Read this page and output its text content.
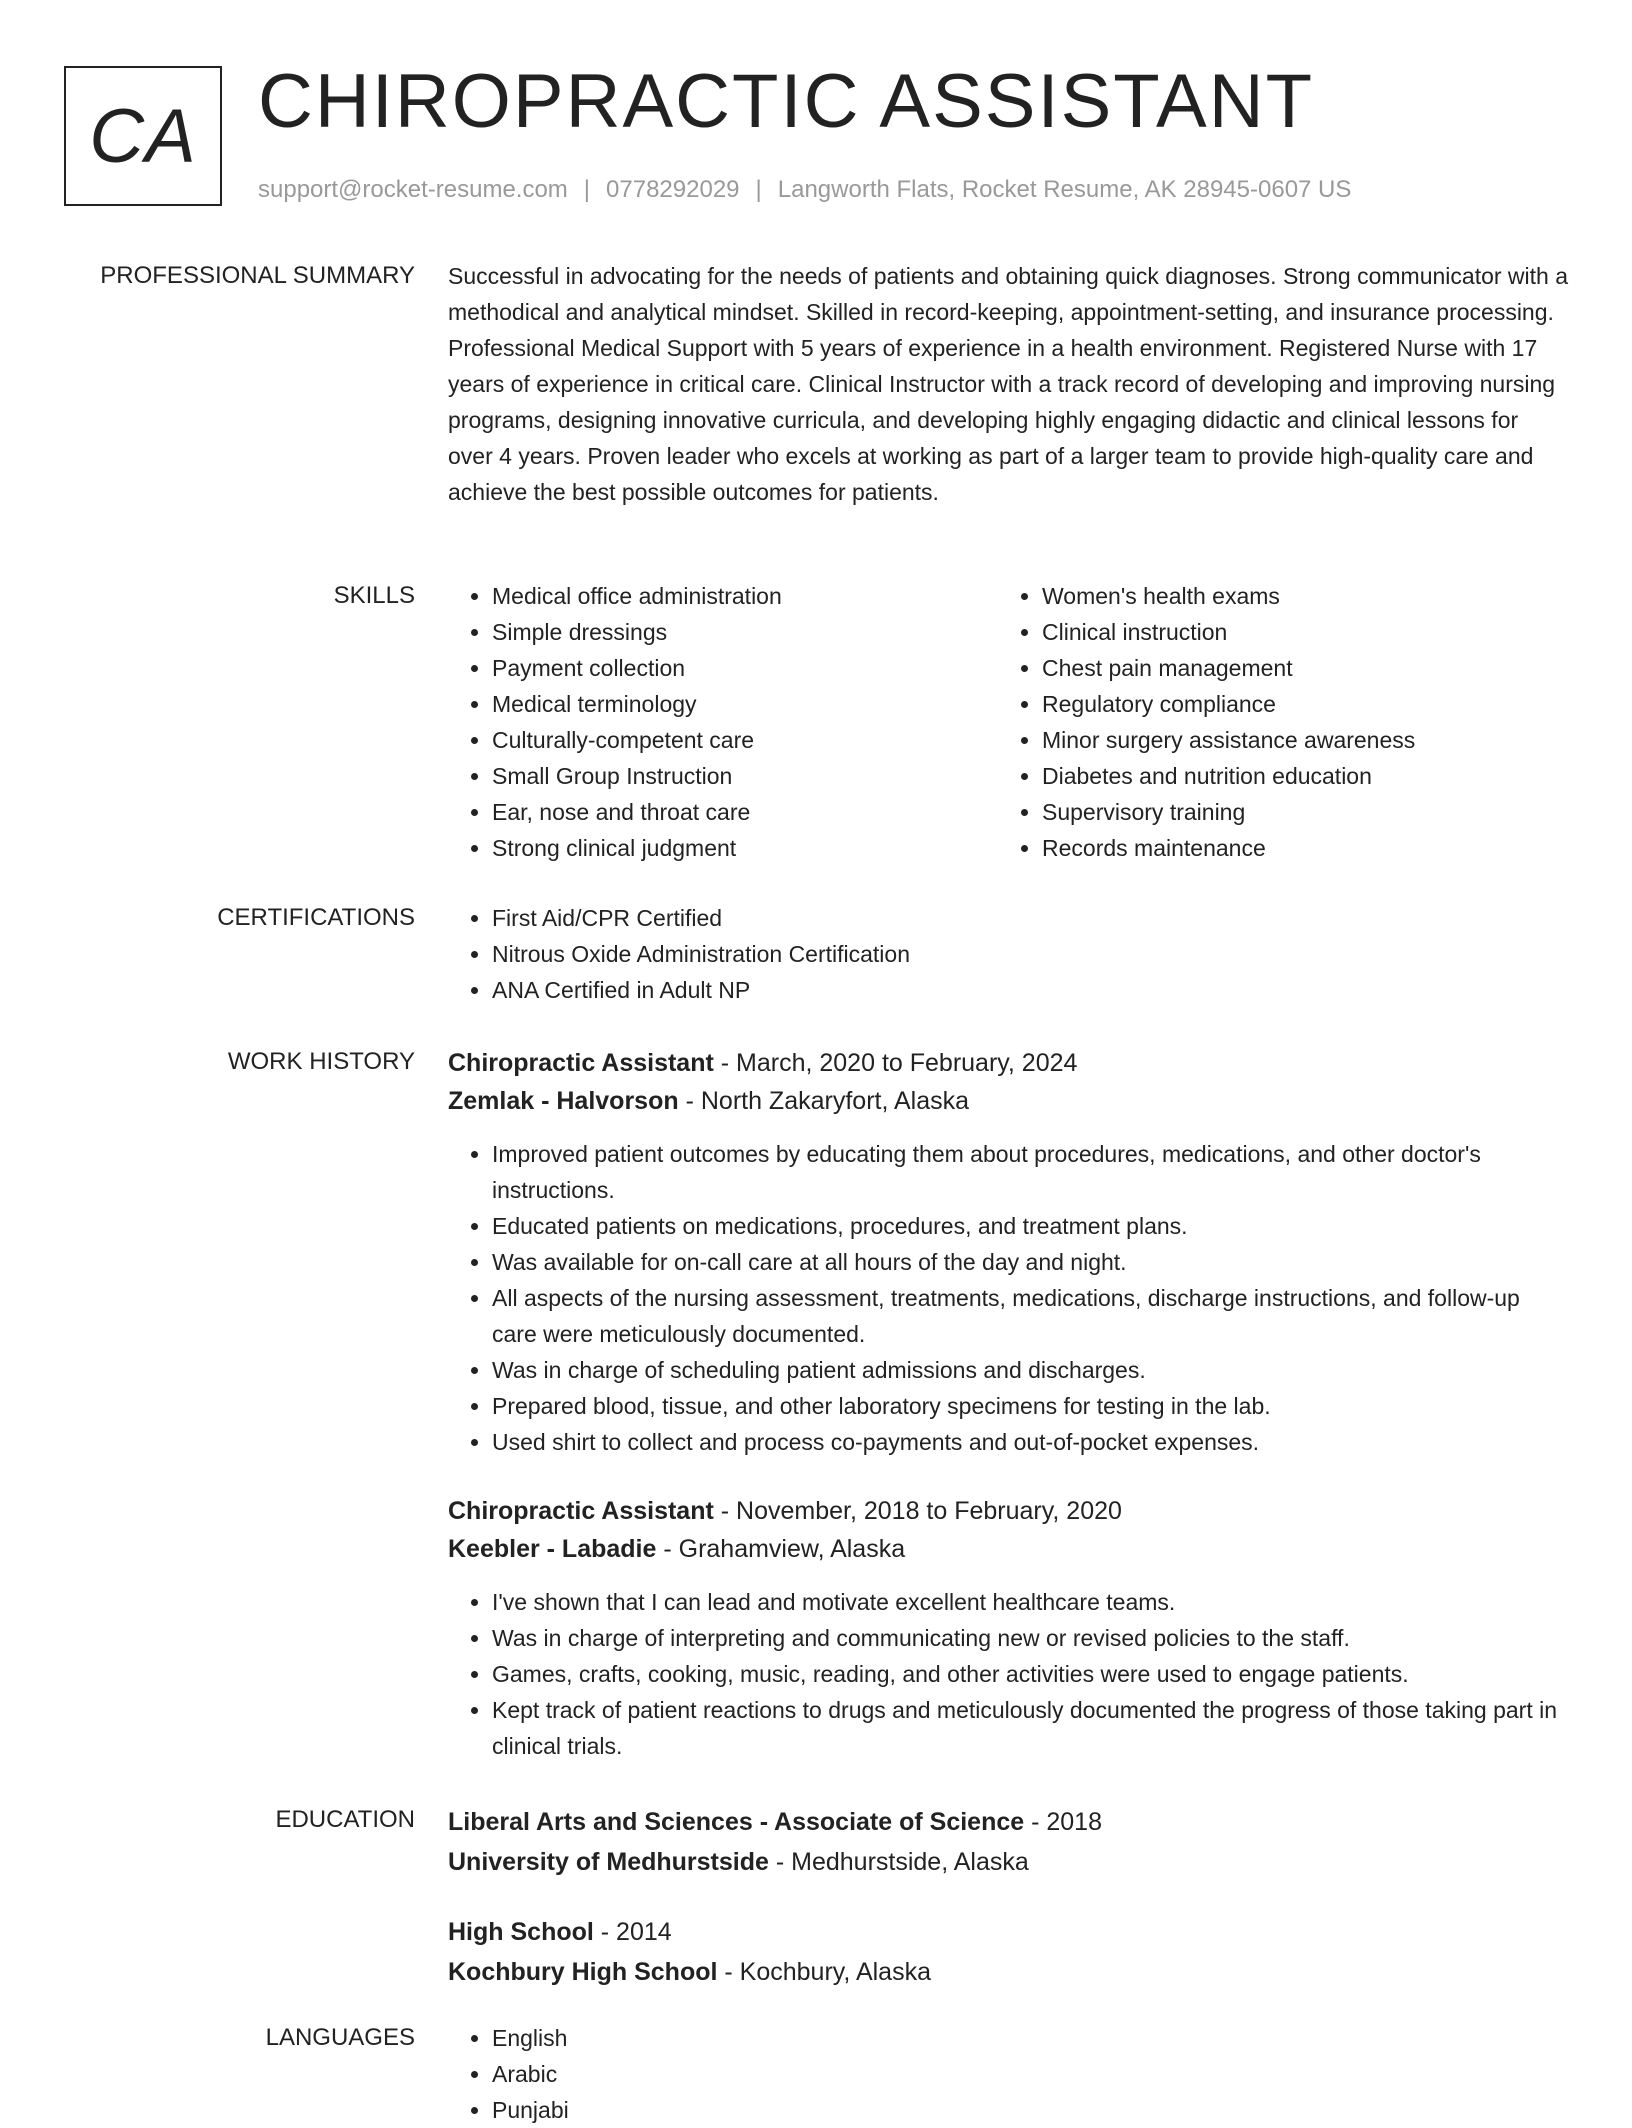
CA CHIROPRACTIC ASSISTANT
support@rocket-resume.com | 0778292029 | Langworth Flats, Rocket Resume, AK 28945-0607 US
PROFESSIONAL SUMMARY Successful in advocating for the needs of patients and obtaining quick diagnoses. Strong communicator with a methodical and analytical mindset. Skilled in record-keeping, appointment-setting, and insurance processing. Professional Medical Support with 5 years of experience in a health environment. Registered Nurse with 17 years of experience in critical care. Clinical Instructor with a track record of developing and improving nursing programs, designing innovative curricula, and developing highly engaging didactic and clinical lessons for over 4 years. Proven leader who excels at working as part of a larger team to provide high-quality care and achieve the best possible outcomes for patients.

SKILLS	• Medical office administration
• Simple dressings
• Payment collection
• Medical terminology
• Culturally-competent care
• Small Group Instruction
• Ear, nose and throat care
• Strong clinical judgment
• Women's health exams
• Clinical instruction
• Chest pain management
• Regulatory compliance
• Minor surgery assistance awareness
• Diabetes and nutrition education
• Supervisory training
• Records maintenance
CERTIFICATIONS	• First Aid/CPR Certified
• Nitrous Oxide Administration Certification
• ANA Certified in Adult NP
WORK HISTORY Chiropractic Assistant - March, 2020 to February, 2024
Zemlak - Halvorson - North Zakaryfort, Alaska
• Improved patient outcomes by educating them about procedures, medications, and other doctor's instructions.
• Educated patients on medications, procedures, and treatment plans.
• Was available for on-call care at all hours of the day and night.
• All aspects of the nursing assessment, treatments, medications, discharge instructions, and follow-up care were meticulously documented.
• Was in charge of scheduling patient admissions and discharges.
• Prepared blood, tissue, and other laboratory specimens for testing in the lab.
• Used shirt to collect and process co-payments and out-of-pocket expenses.
Chiropractic Assistant - November, 2018 to February, 2020
Keebler - Labadie - Grahamview, Alaska
• I've shown that I can lead and motivate excellent healthcare teams.
• Was in charge of interpreting and communicating new or revised policies to the staff.
• Games, crafts, cooking, music, reading, and other activities were used to engage patients.
• Kept track of patient reactions to drugs and meticulously documented the progress of those taking part in clinical trials.
EDUCATION Liberal Arts and Sciences - Associate of Science - 2018
University of Medhurstside - Medhurstside, Alaska
High School - 2014
Kochbury High School - Kochbury, Alaska
LANGUAGES	• English
• Arabic
• Punjabi
